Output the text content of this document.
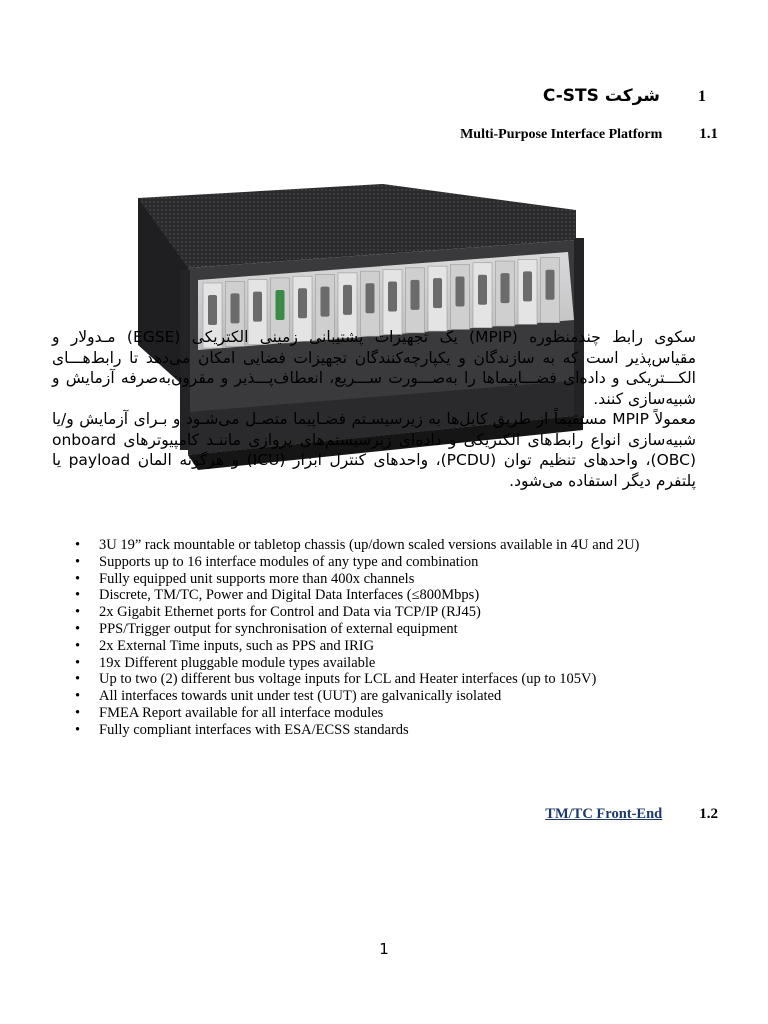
C-STS شرکت 1
Multi-Purpose Interface Platform 1.1

سکوی رابط چندمنظوره (MPIP) یک تجهیزات پشتیبانی زمینی الکتریکی (EGSE) مـدولار و مقیاس‌پذیر است که به سازندگان و یکپارچه‌کنندگان تجهیزات فضایی امکان می‌دهد تا رابط‌هـــای الکـــتریکی و داده‌ای فضـــاپیماها را به‌صـــورت ســـریع، انعطاف‌پـــذیر و مقرون‌به‌صرفه آزمایش و شبیه‌سازی کنند.

معمولاً MPIP مستقیماً از طریق کابل‌ها به زیرسیسـتم فضـاپیما متصـل می‌شـود و بـرای آزمایش و/یا شبیه‌سازی انواع رابط‌های الکتریکی و داده‌ای زیرسیستم‌های پروازی ماننـد کامپیوترهای onboard (OBC)، واحدهای تنظیم توان (PCDU)، واحدهای کنترل ابزار (ICU) و هرگونه المان payload یا پلتفرم دیگر استفاده می‌شود.

• 3U 19” rack mountable or tabletop chassis (up/down scaled versions available in 4U and 2U)
• Supports up to 16 interface modules of any type and combination
• Fully equipped unit supports more than 400x channels
• Discrete, TM/TC, Power and Digital Data Interfaces (≤800Mbps)
• 2x Gigabit Ethernet ports for Control and Data via TCP/IP (RJ45)
• PPS/Trigger output for synchronisation of external equipment
• 2x External Time inputs, such as PPS and IRIG
• 19x Different pluggable module types available
• Up to two (2) different bus voltage inputs for LCL and Heater interfaces (up to 105V)
• All interfaces towards unit under test (UUT) are galvanically isolated
• FMEA Report available for all interface modules
• Fully compliant interfaces with ESA/ECSS standards
TM/TC Front-End 1.2
1
